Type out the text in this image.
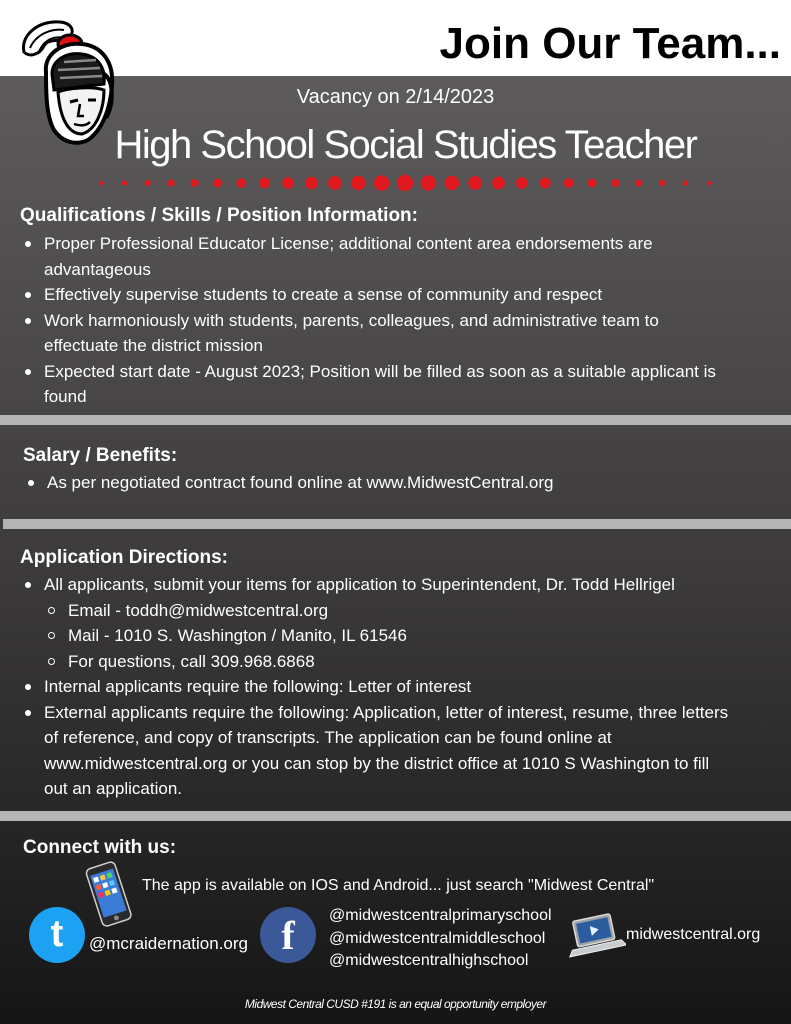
Join Our Team...
Vacancy on 2/14/2023
High School Social Studies Teacher
Qualifications / Skills / Position Information:
Proper Professional Educator License; additional content area endorsements are advantageous
Effectively supervise students to create a sense of community and respect
Work harmoniously with students, parents, colleagues, and administrative team to effectuate the district mission
Expected start date - August 2023; Position will be filled as soon as a suitable applicant is found
Salary / Benefits:
As per negotiated contract found online at www.MidwestCentral.org
Application Directions:
All applicants, submit your items for application to Superintendent, Dr. Todd Hellrigel
Email - toddh@midwestcentral.org
Mail - 1010 S. Washington / Manito, IL 61546
For questions, call 309.968.6868
Internal applicants require the following: Letter of interest
External applicants require the following: Application, letter of interest, resume, three letters of reference, and copy of transcripts. The application can be found online at www.midwestcentral.org or you can stop by the district office at 1010 S Washington to fill out an application.
Connect with us:
The app is available on IOS and Android... just search "Midwest Central"
t	@mcraidernation.org f	@midwestcentralprimaryschool
@midwestcentralmiddleschool
@midwestcentralhighschool
midwestcentral.org
Midwest Central CUSD #191 is an equal opportunity employer
